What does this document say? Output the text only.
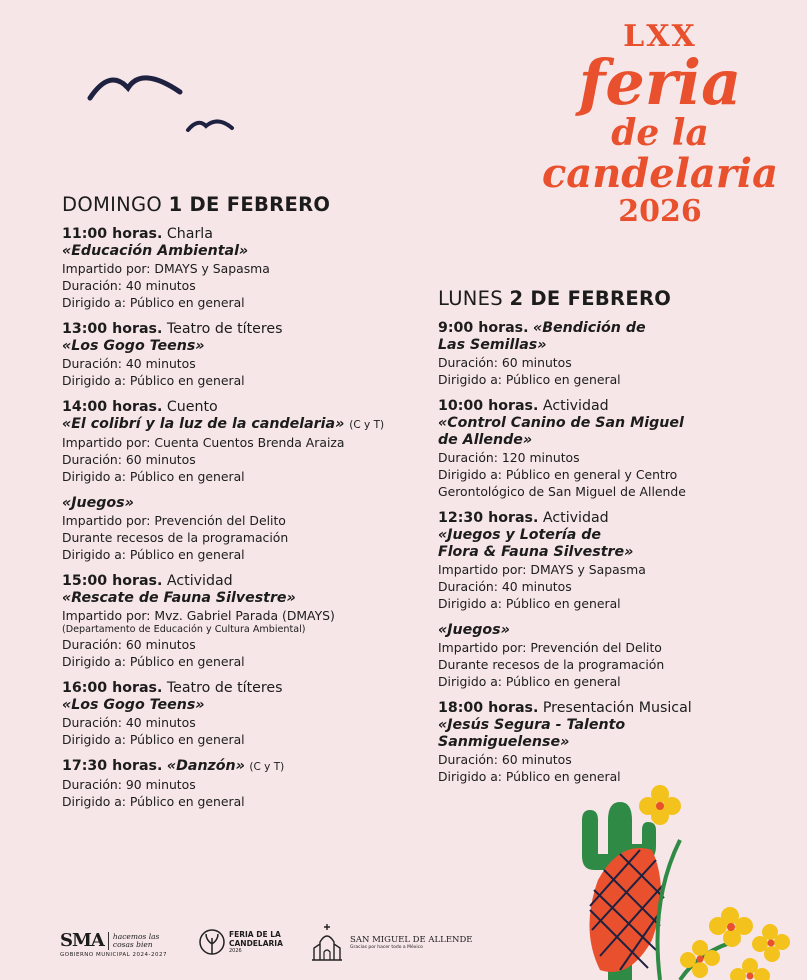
LXX
feria
de la
candelaria
2026
DOMINGO 1 DE FEBRERO
11:00 horas. Charla
«Educación Ambiental»
Impartido por: DMAYS y Sapasma
Duración: 40 minutos
Dirigido a: Público en general
13:00 horas. Teatro de títeres
«Los Gogo Teens»
Duración: 40 minutos
Dirigido a: Público en general
14:00 horas. Cuento
«El colibrí y la luz de la candelaria» (C y T)
Impartido por: Cuenta Cuentos Brenda Araiza
Duración: 60 minutos
Dirigido a: Público en general
«Juegos»
Impartido por: Prevención del Delito
Durante recesos de la programación
Dirigido a: Público en general
15:00 horas. Actividad
«Rescate de Fauna Silvestre»
Impartido por: Mvz. Gabriel Parada (DMAYS)
(Departamento de Educación y Cultura Ambiental)
Duración: 60 minutos
Dirigido a: Público en general
16:00 horas. Teatro de títeres
«Los Gogo Teens»
Duración: 40 minutos
Dirigido a: Público en general
17:30 horas. «Danzón» (C y T)
Duración: 90 minutos
Dirigido a: Público en general
LUNES 2 DE FEBRERO
9:00 horas. «Bendición de
Las Semillas»
Duración: 60 minutos
Dirigido a: Público en general
10:00 horas. Actividad
«Control Canino de San Miguel
de Allende»
Duración: 120 minutos
Dirigido a: Público en general y Centro
Gerontológico de San Miguel de Allende
12:30 horas. Actividad
«Juegos y Lotería de
Flora & Fauna Silvestre»
Impartido por: DMAYS y Sapasma
Duración: 40 minutos
Dirigido a: Público en general
«Juegos»
Impartido por: Prevención del Delito
Durante recesos de la programación
Dirigido a: Público en general
18:00 horas. Presentación Musical
«Jesús Segura - Talento
Sanmiguelense»
Duración: 60 minutos
Dirigido a: Público en general
SMA hacemos las cosas bien
GOBIERNO MUNICIPAL 2024-2027
FERIA DE LA CANDELARIA
2026
SAN MIGUEL DE ALLENDE
Gracias por hacer todo a México
